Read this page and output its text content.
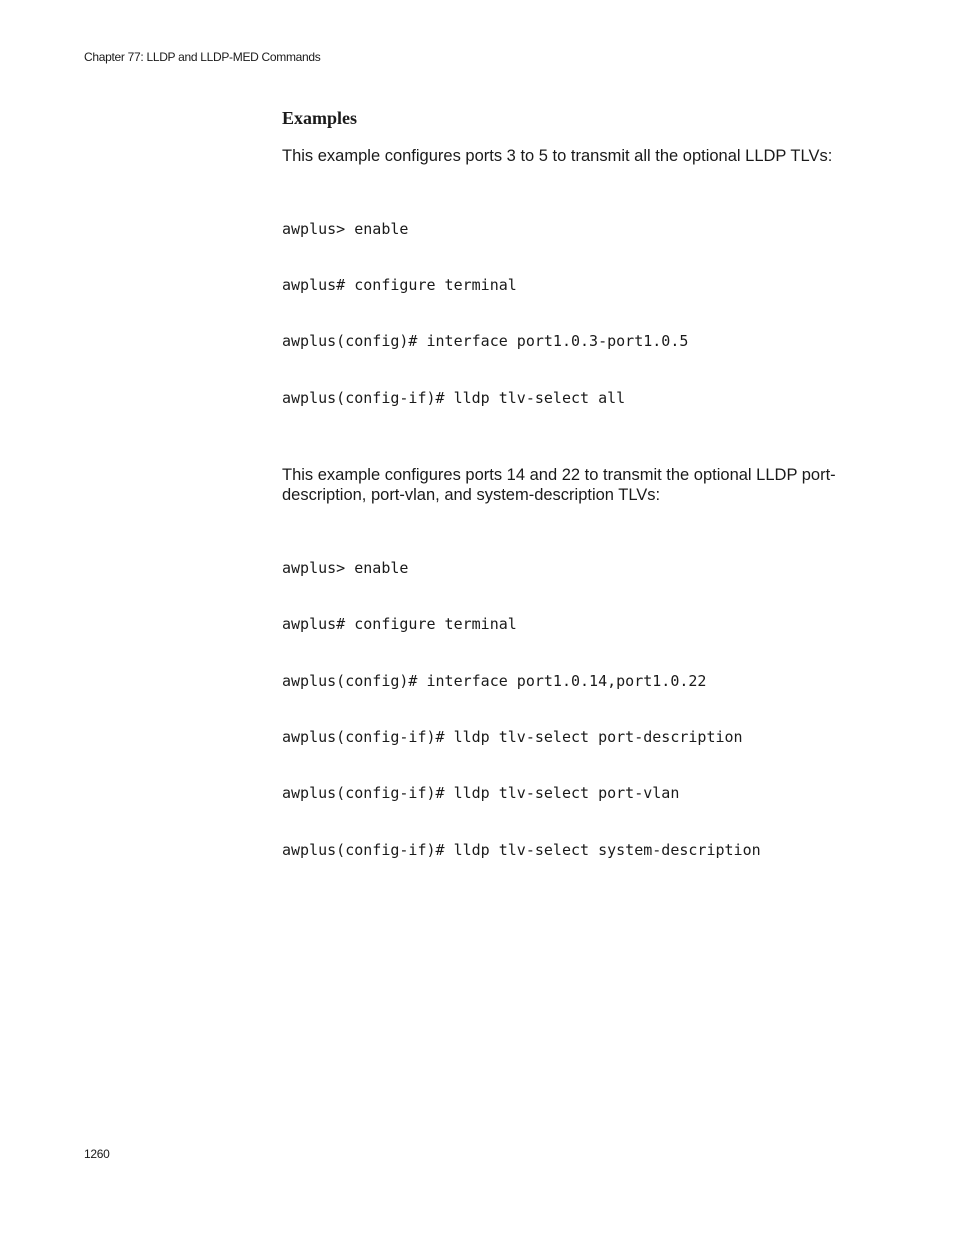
Chapter 77: LLDP and LLDP-MED Commands
Examples

This example configures ports 3 to 5 to transmit all the optional LLDP TLVs:

awplus> enable

awplus# configure terminal

awplus(config)# interface port1.0.3-port1.0.5

awplus(config-if)# lldp tlv-select all

This example configures ports 14 and 22 to transmit the optional LLDP port-description, port-vlan, and system-description TLVs:

awplus> enable

awplus# configure terminal

awplus(config)# interface port1.0.14,port1.0.22

awplus(config-if)# lldp tlv-select port-description

awplus(config-if)# lldp tlv-select port-vlan

awplus(config-if)# lldp tlv-select system-description

1260
